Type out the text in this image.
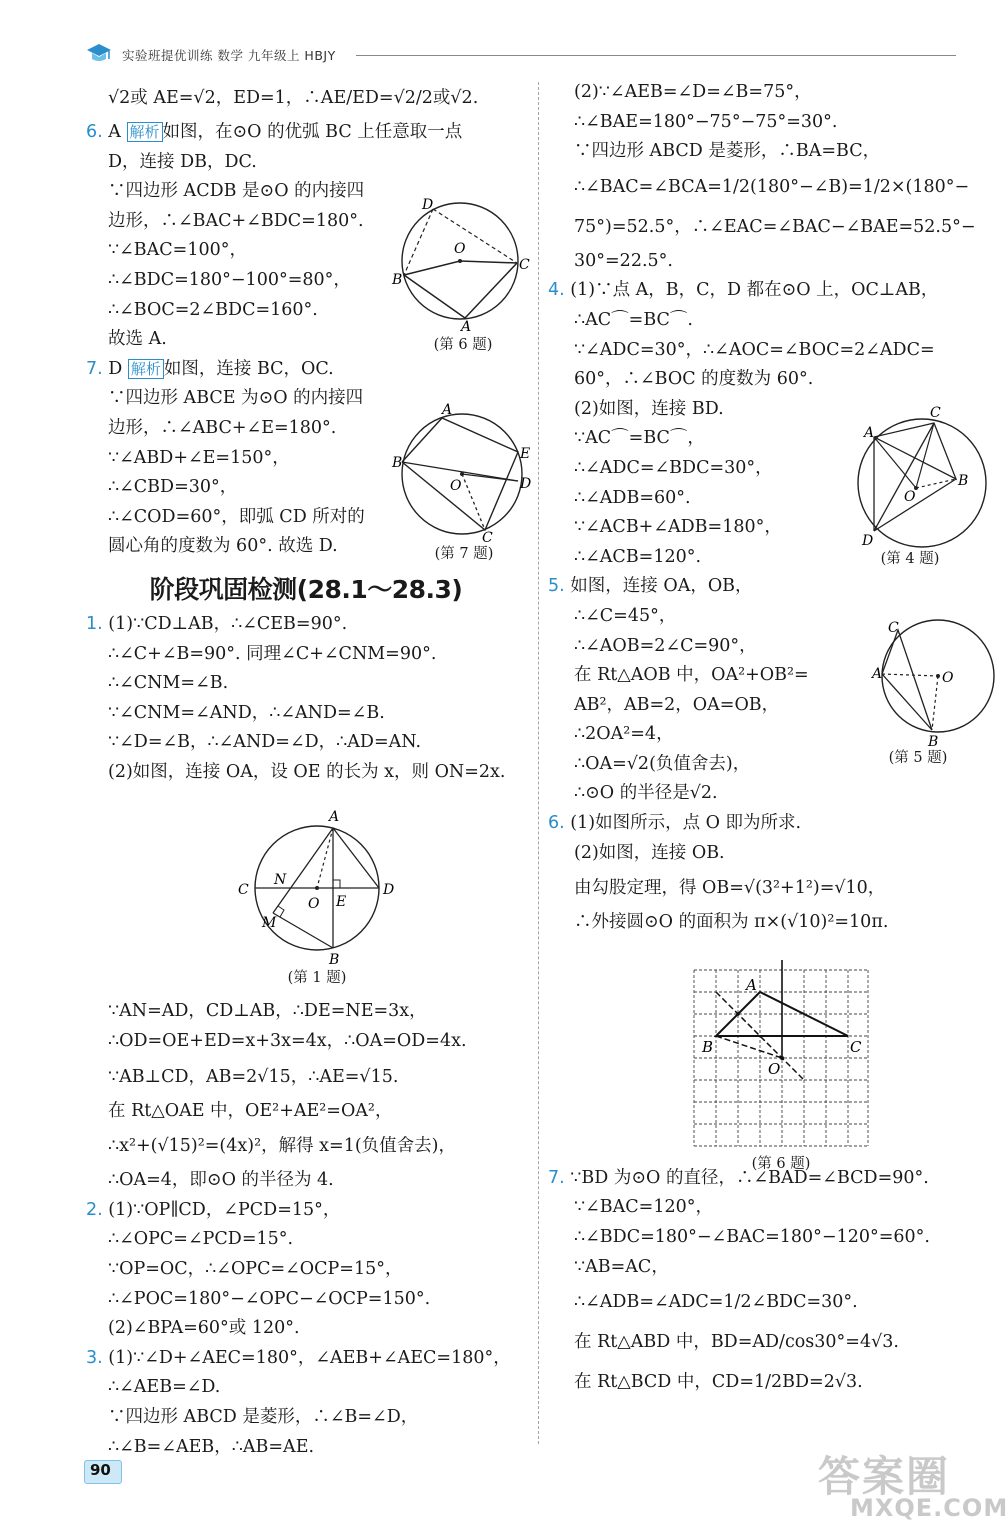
实验班提优训练 数学 九年级上 HBJY
√2或 AE=√2，ED=1，∴AE/ED=√2/2或√2.
6. A 解析 如图，在⊙O 的优弧 BC 上任意取一点
D，连接 DB，DC.
∵四边形 ACDB 是⊙O 的内接四
边形，∴∠BAC+∠BDC=180°.
∵∠BAC=100°，
∴∠BDC=180°−100°=80°，
∴∠BOC=2∠BDC=160°.
故选 A.
7. D 解析 如图，连接 BC，OC.
∵四边形 ABCE 为⊙O 的内接四
边形，∴∠ABC+∠E=180°.
∵∠ABD+∠E=150°，
∴∠CBD=30°，
∴∠COD=60°，即弧 CD 所对的
圆心角的度数为 60°. 故选 D.
阶段巩固检测(28.1～28.3)
1. (1)∵CD⊥AB，∴∠CEB=90°.
∴∠C+∠B=90°. 同理∠C+∠CNM=90°.
∴∠CNM=∠B.
∵∠CNM=∠AND，∴∠AND=∠B.
∵∠D=∠B，∴∠AND=∠D，∴AD=AN.
(2)如图，连接 OA，设 OE 的长为 x，则 ON=2x.
∵AN=AD，CD⊥AB，∴DE=NE=3x，
∴OD=OE+ED=x+3x=4x，∴OA=OD=4x.
∵AB⊥CD，AB=2√15，∴AE=√15.
在 Rt△OAE 中，OE²+AE²=OA²，
∴x²+(√15)²=(4x)²，解得 x=1(负值舍去)，
∴OA=4，即⊙O 的半径为 4.
2. (1)∵OP∥CD，∠PCD=15°，
∴∠OPC=∠PCD=15°.
∵OP=OC，∴∠OPC=∠OCP=15°，
∴∠POC=180°−∠OPC−∠OCP=150°.
(2)∠BPA=60°或 120°.
3. (1)∵∠D+∠AEC=180°，∠AEB+∠AEC=180°，
∴∠AEB=∠D.
∵四边形 ABCD 是菱形，∴∠B=∠D，
∴∠B=∠AEB，∴AB=AE.
(2)∵∠AEB=∠D=∠B=75°，
∴∠BAE=180°−75°−75°=30°.
∵四边形 ABCD 是菱形，∴BA=BC，
∴∠BAC=∠BCA=1/2(180°−∠B)=1/2×(180°−
75°)=52.5°，∴∠EAC=∠BAC−∠BAE=52.5°−
30°=22.5°.
4. (1)∵点 A，B，C，D 都在⊙O 上，OC⊥AB，
∴AC⌒=BC⌒.
∵∠ADC=30°，∴∠AOC=∠BOC=2∠ADC=
60°，∴∠BOC 的度数为 60°.
(2)如图，连接 BD.
∵AC⌒=BC⌒，
∴∠ADC=∠BDC=30°，
∴∠ADB=60°.
∵∠ACB+∠ADB=180°，
∴∠ACB=120°.
5. 如图，连接 OA，OB，
∴∠C=45°，
∴∠AOB=2∠C=90°，
在 Rt△AOB 中，OA²+OB²=
AB²，AB=2，OA=OB，
∴2OA²=4，
∴OA=√2(负值舍去)，
∴⊙O 的半径是√2.
6. (1)如图所示，点 O 即为所求.
(2)如图，连接 OB.
由勾股定理，得 OB=√(3²+1²)=√10，
∴外接圆⊙O 的面积为 π×(√10)²=10π.
7. ∵BD 为⊙O 的直径，∴∠BAD=∠BCD=90°.
∵∠BAC=120°，
∴∠BDC=180°−∠BAC=180°−120°=60°.
∵AB=AC，
∴∠ADB=∠ADC=1/2∠BDC=30°.
在 Rt△ABD 中，BD=AD/cos30°=4√3.
在 Rt△BCD 中，CD=1/2BD=2√3.
D
O
B
C
A
(第 6 题)
A
B
E
O	D
C
(第 7 题)
A
C
N
O E
D
M
B
(第 1 题)
A
C
O
B
D
(第 4 题)
C
A	O
B
(第 5 题)
A
B	C
O
(第 6 题)
90	答案圈
MXQE.COM
